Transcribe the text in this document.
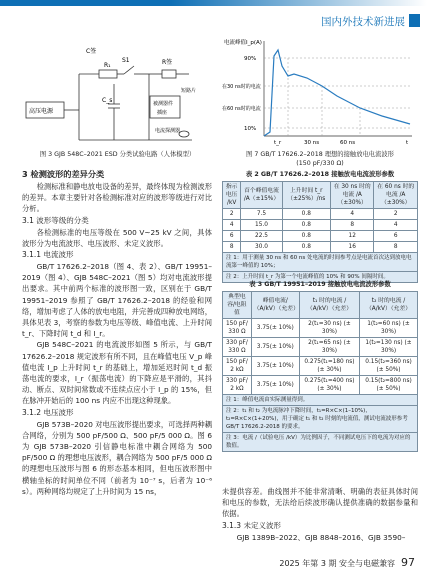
国内外技术新进展
C签
R₁
S1	R签
C_s
高压电源
被测器件
插座
短路片
电流探测器
图 3 GJB 548C–2021 ESD 分类试验电路（人体模型）
电流峰值I_p(A)
90%
在30 ns时的电流
在60 ns时的电流
10%
t_r	30 ns	60 ns	t
图 7 GB/T 17626.2–2018 理想的接触放电电流波形
(150 pF/330 Ω)

3 检测波形的差异分类

检测标准和静电放电设备的差异，最终体现为检测波形的差异。本章主要针对各检测标准对应的波形等级进行对比分析。

3.1 波形等级的分类

各检测标准的电压等级在 500 V~25 kV 之间，具体波形分为电流波形、电压波形、未定义波形。

3.1.1 电流波形

GB/T 17626.2–2018（图 4、表 2）、GB/T 19951–2019（图 4）、GJB 548C–2021（图 5）均对电流波形提出要求。其中前两个标准的波形图一致，区别在于 GB/T 19951–2019 参照了 GB/T 17626.2–2018 的经验和网络，增加考虑了人体的放电电阻，并完善成四种放电网络，具体见表 3，考察的参数为电压等级、峰值电流、上升时间 t_r、下降时间 t_d 和 I_r。

GJB 548C–2021 的电流波形如图 5 所示，与 GB/T 17626.2–2018 规定波形有所不同，且在峰值电压 V_p 峰值电流 I_p 上升时间 t_r 的基础上，增加延迟时间 t_d 振荡电流的要求，I_r（振荡电流）的下降应是平滑的，其抖动、断点、双时间常数或不连续点应小于 I_p 的 15%，但在脉冲开始后的 100 ns 内应不出现这种现象。

3.1.2 电压波形

GJB 573B–2020 对电压波形提出要求，可选择两种耦合网络，分别为 500 pF/500 Ω、500 pF/5 000 Ω。图 6 为 GJB 573B–2020 引信静电标准中耦合网络为 500 pF/500 Ω 的理想电压波形，耦合网络为 500 pF/5 000 Ω 的理想电压波形与图 6 的形态基本相同，但电压波形图中横轴坐标的时间单位不同（前者为 10⁻⁷ s，后者为 10⁻⁶ s）。两种网络均规定了上升时间为 15 ns，

表 2 GB/T 17626.2–2018 接触放电电流波形参数
指示电压 /kV	首个峰值电流 /A（±15%）	上升时间 t_r（±25%）/ns	在 30 ns 时的电流 /A（±30%）	在 60 ns 时的电流 /A（±30%）
2	7.5	0.8	4	2
4	15.0	0.8	8	4
6	22.5	0.8	12	6
8	30.0	0.8	16	8
注 1：用于测量 30 ns 和 60 ns 处电流的时间参考点是电流首次达到放电电流第一峰值的 10%；
注 2：上升时间 t_r 为第一个电流峰值的 10% 和 90% 间隔时间。
表 3 GB/T 19951–2019 接触放电电流波形参数
典型电容/电阻值	峰值电流/（A/kV）（允差）	t₁ 时的电流 /（A/kV）（允差）	t₂ 时的电流 /（A/kV）（允差）
150 pF/ 330 Ω	3.75(± 10%)	2(t₁=30 ns) (± 30%)	1(t₂=60 ns) (± 30%)
330 pF/ 330 Ω	3.75(± 10%)	2(t₁=65 ns) (± 30%)	1(t₂=130 ns) (± 30%)
150 pF/ 2 kΩ	3.75(± 10%)	0.275(t₁=180 ns) (± 30%)	0.15(t₂=360 ns) (± 50%)
330 pF/ 2 kΩ	3.75(± 10%)	0.275(t₁=400 ns) (± 30%)	0.15(t₂=800 ns) (± 50%)
注 1：峰值电流由实际测量得到。
注 2：t₁ 和 t₂ 为电流脉冲下降时间，t₁=R×C×(1–10%)，t₂=R×C×(1+20%)，用于确定 t₁ 和 t₂ 时刻的电流值，测试电流波形参考 GB/T 17626.2-2018 的要求。
注 3：电流 /（试验电压 /kV）为比例因子，不同测试电压下的电流为对应的数值。

未提供容差。曲线图并不能非常清晰、明确的表征具体时间和电压的参数，无法给后续波形确认提供准确的数据参量和依据。

3.1.3 未定义波形

GJB 1389B–2022、GJB 8848–2016、GJB 3590–

2025 年第 3 期 安全与电磁兼容 97
